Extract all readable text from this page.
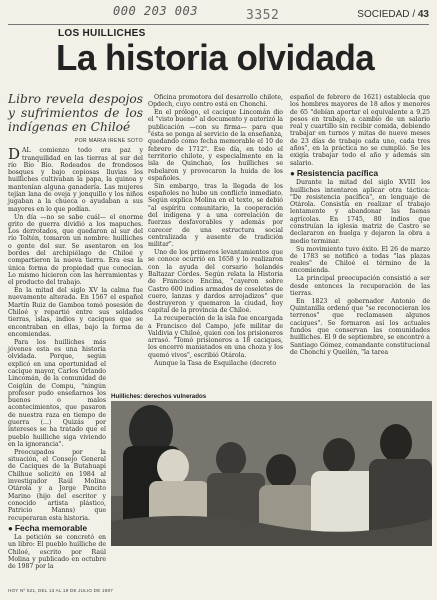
000 203 003	3352	SOCIEDAD / 43
LOS HUILLICHES
La historia olvidada
Libro revela despojos y sufrimientos de los indígenas en Chiloé
POR MARIA IRENE SOTO

DAL comienzo todo era paz y tranquilidad en las tierras al sur del río Bío Bío. Rodeados de frondosos bosques y bajo copiosas lluvias los huilliches cultivaban la papa, la quinoa y mantenían alguna ganadería. Las mujeres tejían lana de oveja y jonquillo y los niños jugaban a la chueca o ayudaban a sus mayores en lo que podían.

Un día —no se sabe cuál— el enorme grito de guerra dividió a los mapuches. Los derrotados, que quedaron al sur del río Toltén, tomaron un nombre: huilliches o gente del sur. Se asentaron en los bordes del archipiélago de Chiloé y compartieron la nueva tierra. Era esa la única forma de propiedad que conocían. Lo mismo hicieron con las herramientas y el producto del trabajo.

En la mitad del siglo XV la calma fue nuevamente alterada. En 1567 el español Martín Ruiz de Gamboa tomó posesión de Chiloé y repartió entre sus soldados tierras, islas, indios y caciques que se encontraban en ellas, bajo la forma de encomiendas.

Para los huilliches más jóvenes esta es una historia olvidada. Porque, según explicó en una oportunidad el cacique mayor, Carlos Orlando Lincomán, de la comunidad de Coigüín de Compu, "ningún profesor pudo enseñarnos los buenos o malos acontecimientos, que pasaron de nuestra raza en tiempo de guerra (...) Quizás por intereses se ha tratado que el pueblo huilliche siga viviendo en la ignorancia".

Preocupados por la situación, el Consejo General de Caciques de la Butahuapi Chilhue solicitó en 1984 al investigador Raúl Molina Otárola y a Jorge Pancito Marino (hijo del escritor y conocido artista plástico, Patricio Manns) que recuperaran esta historia.

● Fecha memorable

La petición se concretó en un libro: El pueblo huilliche de Chiloé, escrito por Raúl Molina y publicado en octubre de 1987 por la

Oficina promotora del desarrollo chilote, Opdech, cuyo centro está en Chonchi.

En el prólogo, el cacique Lincomán dio el "visto bueno" al documento y autorizó la publicación —con su firma— para que "ésta se ponga al servicio de la enseñanza, quedando como fecha memorable el 10 de febrero de 1712". Ese día, en todo el territorio chilote, y especialmente en la isla de Quinchao, los huilliches se rebelaron y provocaron la huida de los españoles.

Sin embargo, tras la llegada de los españoles no hubo un conflicto inmediato. Según explica Molina en el texto, se debió "al espíritu comunitario, la cooperación del indígena y a una correlación de fuerzas desfavorables y además por carecer de una estructura social centralizada y ausente de tradición militar".

Uno de los primeros levantamientos que se conoce ocurrió en 1658 y lo realizaron con la ayuda del corsario holandés Baltazar Cordes. Según relata la Historia de Francisco Encina, "cayeron sobre Castro 600 indios armados de coseletes de cuero, lanzas y dardos arrojadizos" que destruyeron y quemaron la ciudad, hoy capital de la provincia de Chiloé.

La recuperación de la isla fue encargada a Francisco del Campo, jefe militar de Valdivia y Chiloé, quien con los prisioneros arrasó. "Tomó prisioneros a 18 caciques, los encerró maniatados en una choza y los quemó vivos", escribió Otárola.

Aunque la Tasa de Esquilache (decreto

español de febrero de 1621) establecía que los hombres mayores de 18 años y menores de 65 "debían aportar el equivalente a 9.25 pesos en trabajo, a cambio de un salario real y cuartillo sin recibir comida, debiendo trabajar en turnos y mitas de nueve meses de 23 días de trabajo cada uno, cada tres años", en la práctica no se cumplió. Se les exigía trabajar todo el año y además sin salario.

● Resistencia pacífica

Durante la mitad del siglo XVIII los huilliches intentaron aplicar otra táctica: "De resistencia pacífica", en lenguaje de Otárola. Consistía en realizar el trabajo lentamente y abandonar las faenas agrícolas. En 1745, 80 indios que construían la iglesia matriz de Castro se declararon en huelga y dejaron la obra a medio terminar.

Su movimiento tuvo éxito. El 26 de marzo de 1783 se notificó a todas "las plazas reales" de Chiloé el término de la encomienda.

La principal preocupación consistió a ser desde entonces la recuperación de las tierras.

En 1823 el gobernador Antonio de Quintanilla ordenó que "se reconocieran los terrenos" que reclamasen algunos caciques". Se formaron así los actuales fundos que conservan las comunidades huilliches. El 9 de septiembre, se encontró a Santiago Gómez, comandante constitucional de Chonchi y Queilén, "la tarea

Huilliches: derechos vulnerados
HOY Nº 521, DEL 13 AL 19 DE JULIO DE 1987
